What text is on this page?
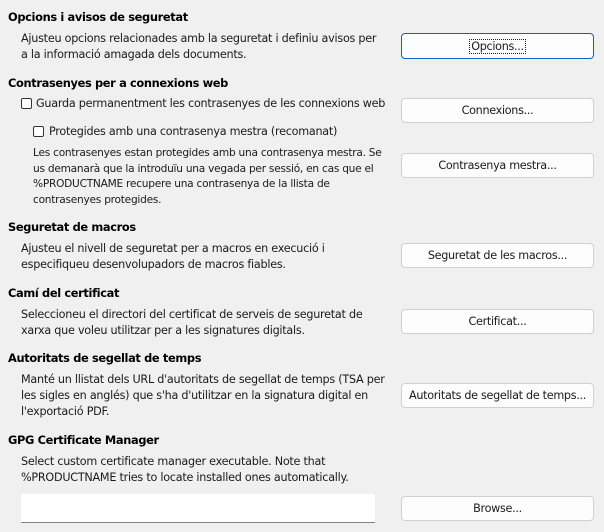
Opcions i avisos de seguretat
Ajusteu opcions relacionades amb la seguretat i definiu avisos per
a la informació amagada dels documents.
Opcions...
Contrasenyes per a connexions web
Guarda permanentment les contrasenyes de les connexions web
Protegides amb una contrasenya mestra (recomanat)
Les contrasenyes estan protegides amb una contrasenya mestra. Se
us demanarà que la introduïu una vegada per sessió, en cas que el
%PRODUCTNAME recupere una contrasenya de la llista de
contrasenyes protegides.
Connexions...
Contrasenya mestra...
Seguretat de macros
Ajusteu el nivell de seguretat per a macros en execució i
especifiqueu desenvolupadors de macros fiables.
Seguretat de les macros...
Camí del certificat
Seleccioneu el directori del certificat de serveis de seguretat de
xarxa que voleu utilitzar per a les signatures digitals.
Certificat...
Autoritats de segellat de temps
Manté un llistat dels URL d'autoritats de segellat de temps (TSA per
les sigles en anglés) que s'ha d'utilitzar en la signatura digital en
l'exportació PDF.
Autoritats de segellat de temps...
GPG Certificate Manager
Select custom certificate manager executable. Note that
%PRODUCTNAME tries to locate installed ones automatically.
Browse...
